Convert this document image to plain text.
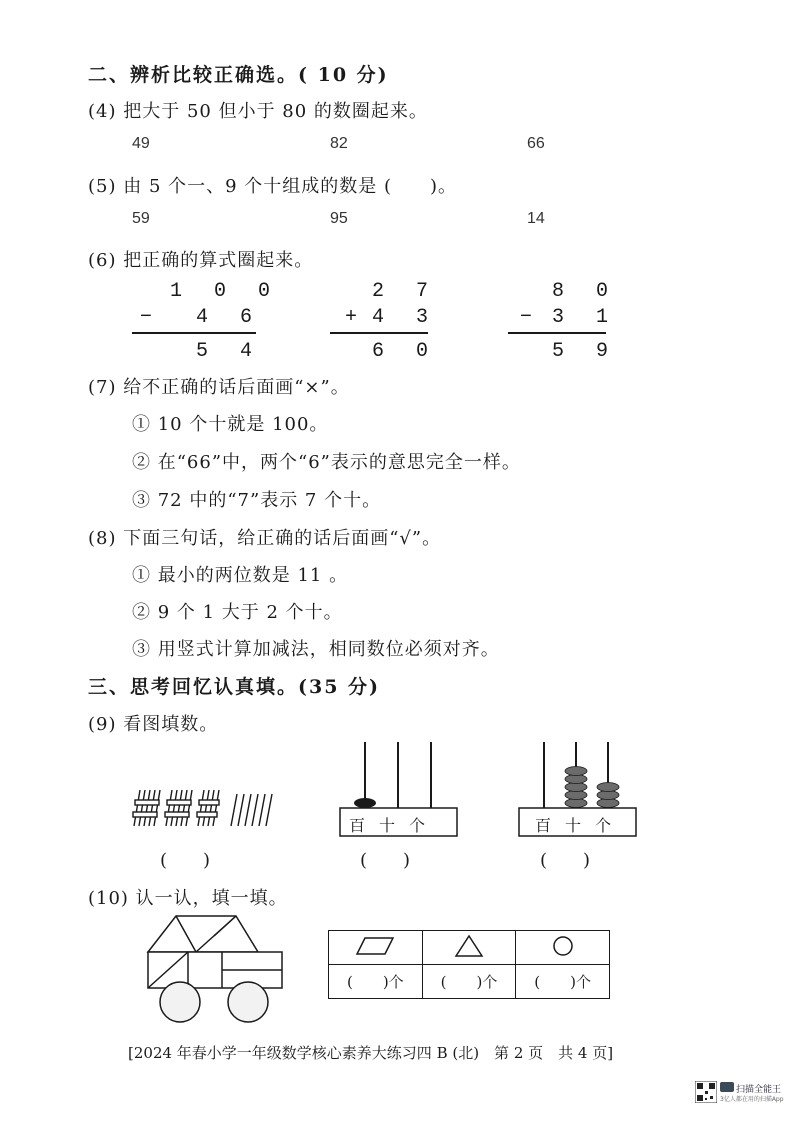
二、辨析比较正确选。( 10 分)
(4) 把大于 50 但小于 80 的数圈起来。
49	82	66
(5) 由 5 个一、9 个十组成的数是 (　　)。
59	95	14
(6) 把正确的算式圈起来。
1 0 0
− 4 6
5 4
2 7
+ 4 3
6 0
8 0
− 3 1
5 9
(7) 给不正确的话后面画“×”。
① 10 个十就是 100。
② 在“66”中，两个“6”表示的意思完全一样。
③ 72 中的“7”表示 7 个十。
(8) 下面三句话，给正确的话后面画“√”。
① 最小的两位数是 11 。
② 9 个 1 大于 2 个十。
③ 用竖式计算加减法，相同数位必须对齐。
三、思考回忆认真填。(35 分)
(9) 看图填数。
(　　)
百十个
(　　)
百十个
(　　)
(10) 认一认，填一填。

(　　)个	(　　)个	(　　)个
[2024 年春小学一年级数学核心素养大练习四 B (北)　第 2 页　共 4 页]
扫描全能王
3亿人都在用的扫描App
